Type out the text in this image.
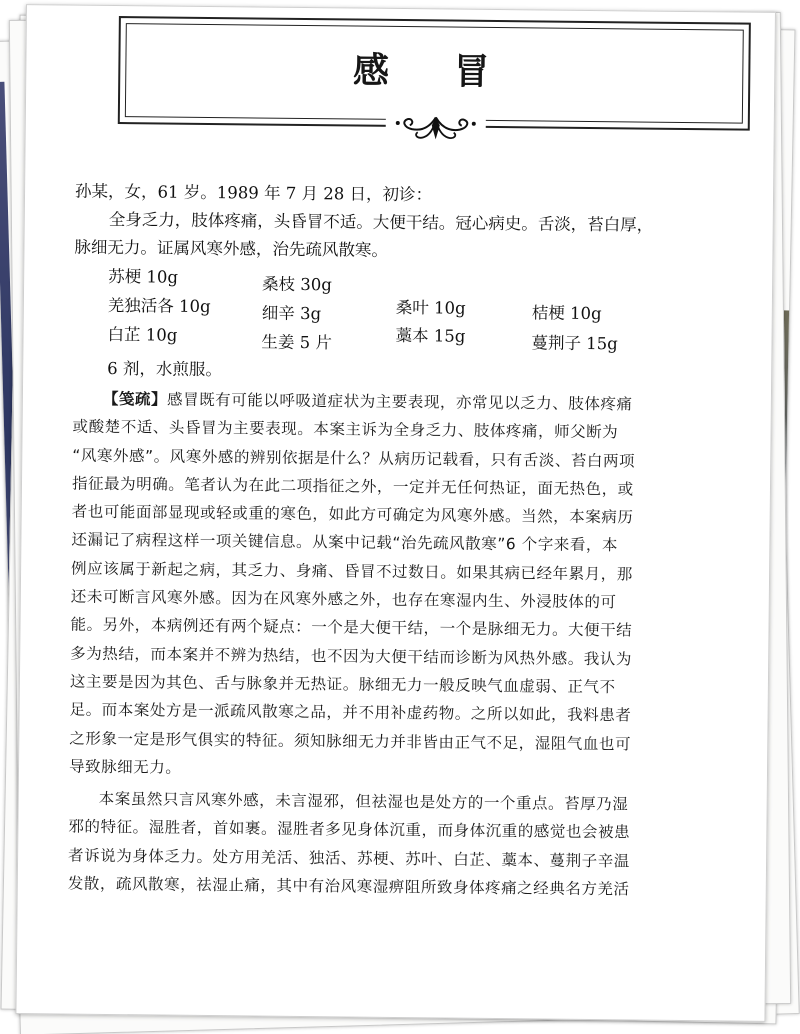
感 冒
孙某，女，61 岁。1989 年 7 月 28 日，初诊：
全身乏力，肢体疼痛，头昏冒不适。大便干结。冠心病史。舌淡，苔白厚，
脉细无力。证属风寒外感，治先疏风散寒。
苏梗 10g	桑枝 30g
羌独活各 10g	细辛 3g	桑叶 10g	桔梗 10g
白芷 10g	生姜 5 片	藁本 15g	蔓荆子 15g
6 剂，水煎服。
【笺疏】感冒既有可能以呼吸道症状为主要表现，亦常见以乏力、肢体疼痛
或酸楚不适、头昏冒为主要表现。本案主诉为全身乏力、肢体疼痛，师父断为
“风寒外感”。风寒外感的辨别依据是什么？从病历记载看，只有舌淡、苔白两项
指征最为明确。笔者认为在此二项指征之外，一定并无任何热证，面无热色，或
者也可能面部显现或轻或重的寒色，如此方可确定为风寒外感。当然，本案病历
还漏记了病程这样一项关键信息。从案中记载“治先疏风散寒”6 个字来看，本
例应该属于新起之病，其乏力、身痛、昏冒不过数日。如果其病已经年累月，那
还未可断言风寒外感。因为在风寒外感之外，也存在寒湿内生、外浸肢体的可
能。另外，本病例还有两个疑点：一个是大便干结，一个是脉细无力。大便干结
多为热结，而本案并不辨为热结，也不因为大便干结而诊断为风热外感。我认为
这主要是因为其色、舌与脉象并无热证。脉细无力一般反映气血虚弱、正气不
足。而本案处方是一派疏风散寒之品，并不用补虚药物。之所以如此，我料患者
之形象一定是形气俱实的特征。须知脉细无力并非皆由正气不足，湿阻气血也可
导致脉细无力。
本案虽然只言风寒外感，未言湿邪，但祛湿也是处方的一个重点。苔厚乃湿
邪的特征。湿胜者，首如裹。湿胜者多见身体沉重，而身体沉重的感觉也会被患
者诉说为身体乏力。处方用羌活、独活、苏梗、苏叶、白芷、藁本、蔓荆子辛温
发散，疏风散寒，祛湿止痛，其中有治风寒湿痹阻所致身体疼痛之经典名方羌活
